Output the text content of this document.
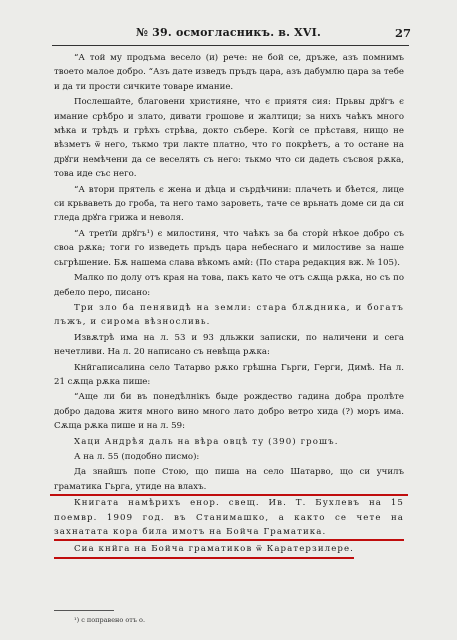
№ 39. осмогласникъ. в. XVI.	27

“А той му продъма весело (и) рече: не бой се, дръже, азъ помнимъ твоето малое добро. “Азъ дате изведъ пръдъ цара, азъ дабумлю цара за тебе и да ти прости сичките товаре имание.

Послешайте, благовени християне, что є приятя сия: Прьвы дрꙋгъ є имание срѣбро и злато, дивати грошове и жалтици; за нихъ чаѣкъ много мѣка и трѣдъ и грѣхъ стрѣва, докто събере. Когѝ се прѣставя, нищо не вѣзметъ ѿ него, тькмо три лакте платно, что го покрѣетъ, а то остане на дрꙋги немѣчени да се веселять съ него: тькмо что си дадеть съсвоя рѫка, това иде със него.

“А втори прятель є жена и дѣца и сърдѣчини: плачеть и бѣется, лице си крьваветь до гроба, та него тамо зароветь, таче се врьнать доме си да си гледа дрꙋга грижа и неволя.

“А третїи дрꙋгъ¹) є милостиня, что чаѣкъ за ба сторѝ нѣкое добро съ своа рѫка; тоги го изведеть пръдъ цара небеснаго и милостиве за наше сьгрѣшение. Бѫ нашема слава вѣкомъ амѝ: (По стара редакция вж. № 105).

Малко по долу отъ края на това, пакъ като че отъ сѫща рѫка, но съ по дебело перо, писано:

Три зло ба пенявидѣ на земли: стара блѫдника, и богатъ лъжъ, и сирома вѣзносливь.

Извѫтрѣ има на л. 53 и 93 дльжки записки, по наличени и сега нечетливи. На л. 20 написано съ невѣща рѫка:

Кнйгаписалина село Татарво рѫко грѣшна Гьрги, Герги, Димѣ. На л. 21 сѫща рѫка пише:

“Аще ли би въ понедѣлнікъ быде рождество гадина добра пролѣте добро дадова житя много вино много лато добро ветро хида (?) моръ има. Сѫща рѫка пише и на л. 59:

Хаци Андрѣя даль на вѣра овцѣ ту (390) грошъ.

А на л. 55 (подобно писмо):

Да знайшъ попе Стою, що пиша на село Шатарво, що си училъ граматика Гьрга, утиде на влахъ.

Книгата намѣрихъ енор. свещ. Ив. Т. Бухлевъ на 15 поемвр. 1909 год. въ Станимашко, а както се чете на захнатата кора била имотъ на Бойча Граматика.

Сиа кнйга на Бойча граматиков ѿ Каратерзилере.

¹) с поправено отъ о.
